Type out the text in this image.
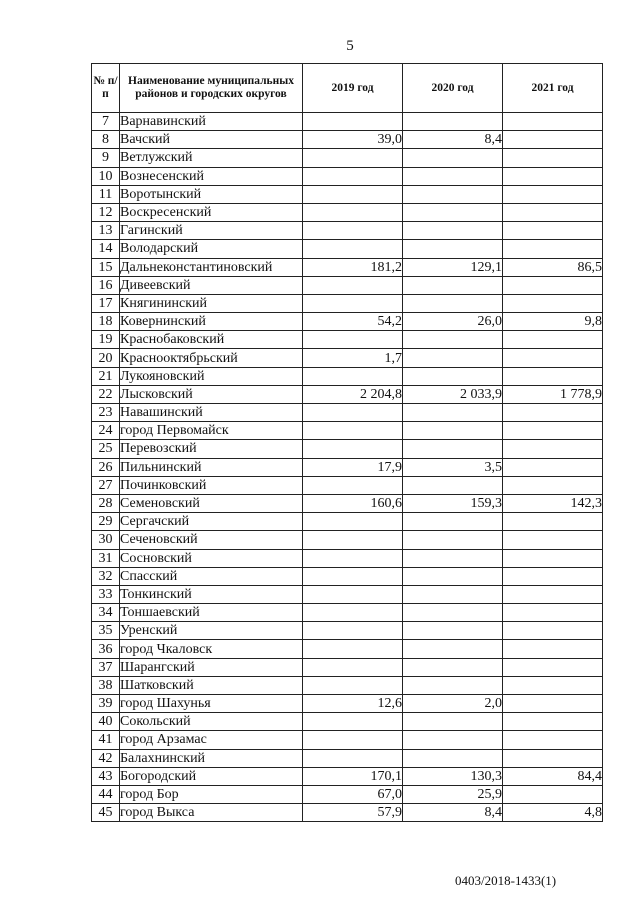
5
№ п/п	Наименование муниципальных районов и городских округов	2019 год	2020 год	2021 год
7	Варнавинский			
8	Вачский	39,0	8,4	
9	Ветлужский			
10	Вознесенский			
11	Воротынский			
12	Воскресенский			
13	Гагинский			
14	Володарский			
15	Дальнеконстантиновский	181,2	129,1	86,5
16	Дивеевский			
17	Княгининский			
18	Ковернинский	54,2	26,0	9,8
19	Краснобаковский			
20	Краснооктябрьский	1,7		
21	Лукояновский			
22	Лысковский	2 204,8	2 033,9	1 778,9
23	Навашинский			
24	город Первомайск			
25	Перевозский			
26	Пильнинский	17,9	3,5	
27	Починковский			
28	Семеновский	160,6	159,3	142,3
29	Сергачский			
30	Сеченовский			
31	Сосновский			
32	Спасский			
33	Тонкинский			
34	Тоншаевский			
35	Уренский			
36	город Чкаловск			
37	Шарангский			
38	Шатковский			
39	город Шахунья	12,6	2,0	
40	Сокольский			
41	город Арзамас			
42	Балахнинский			
43	Богородский	170,1	130,3	84,4
44	город Бор	67,0	25,9	
45	город Выкса	57,9	8,4	4,8
0403/2018-1433(1)
